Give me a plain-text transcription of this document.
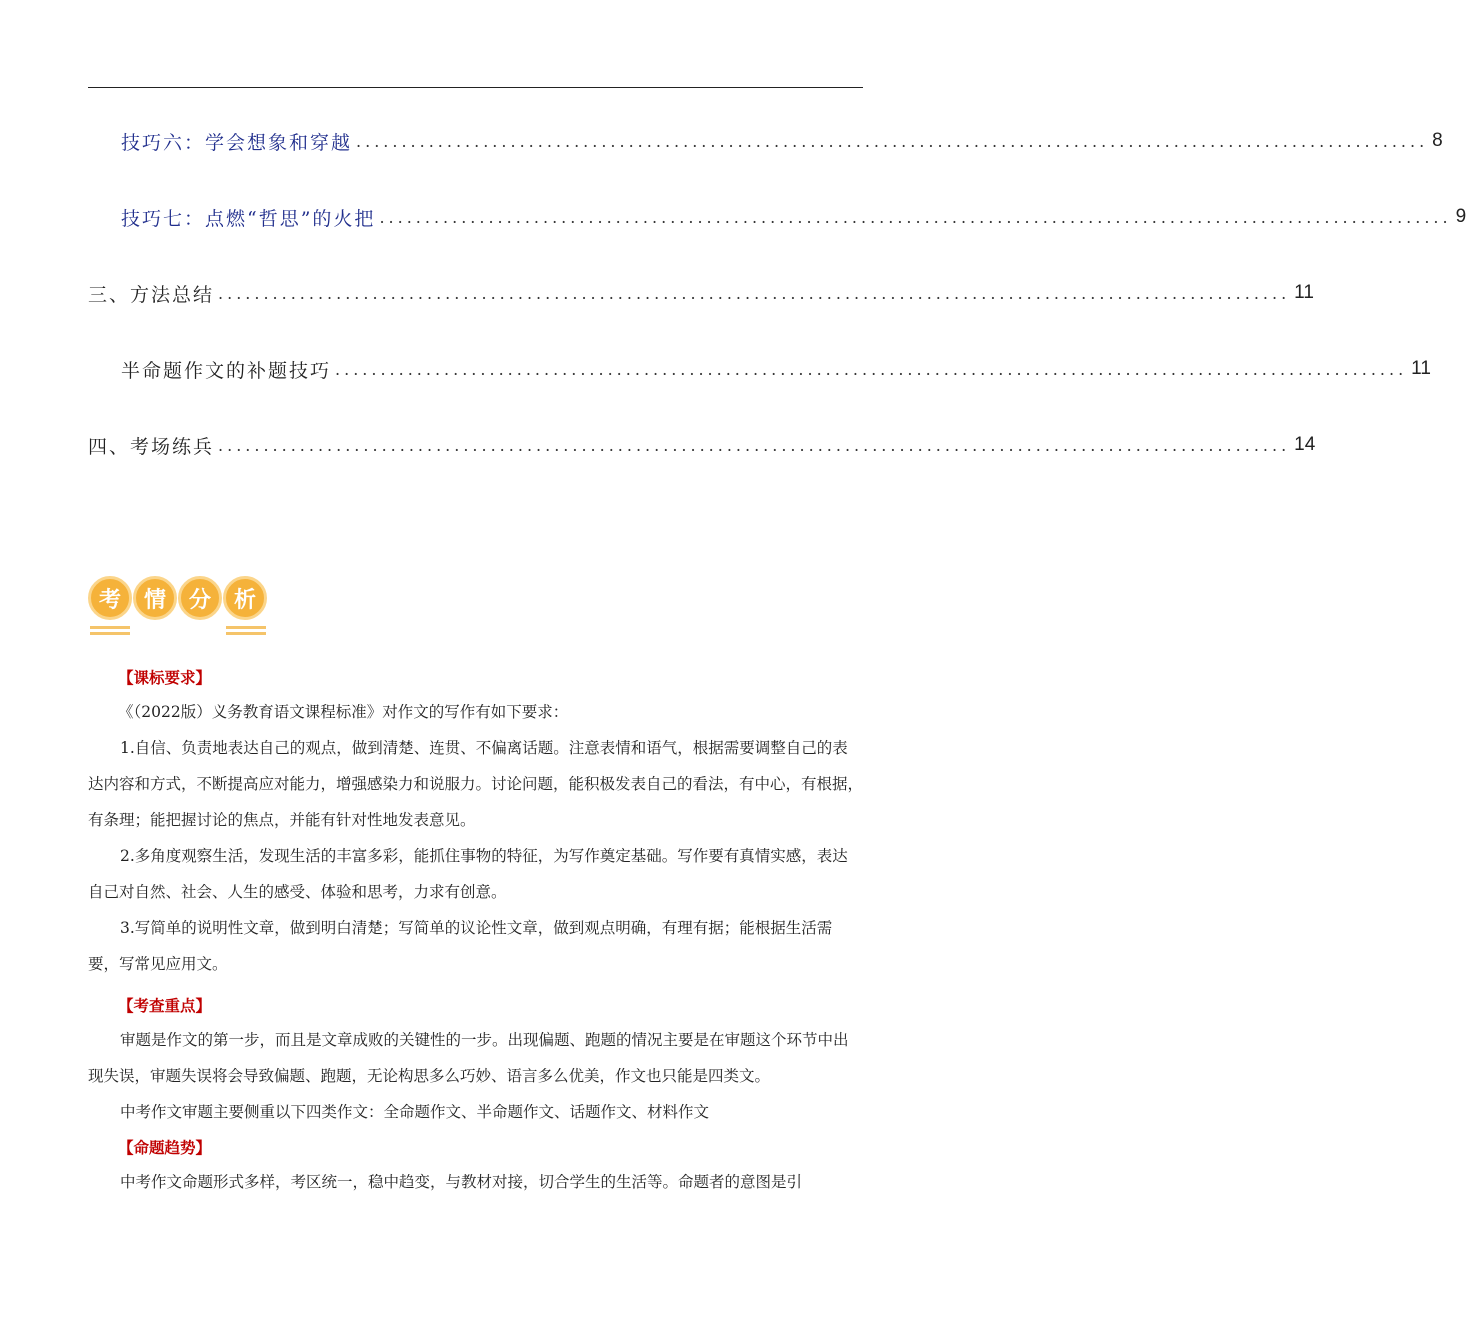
技巧六：学会想象和穿越 ...................................................................................................................... 8
技巧七：点燃“哲思”的火把 ...................................................................................................................... 9
三、方法总结 ...................................................................................................................... 11
半命题作文的补题技巧 ...................................................................................................................... 11
四、考场练兵 ...................................................................................................................... 14
考	情	分	析
【课标要求】
《（2022版）义务教育语文课程标准》对作文的写作有如下要求：
1.自信、负责地表达自己的观点，做到清楚、连贯、不偏离话题。注意表情和语气，根据需要调整自己的表达内容和方式，不断提高应对能力，增强感染力和说服力。讨论问题，能积极发表自己的看法，有中心，有根据，有条理；能把握讨论的焦点，并能有针对性地发表意见。
2.多角度观察生活，发现生活的丰富多彩，能抓住事物的特征，为写作奠定基础。写作要有真情实感，表达自己对自然、社会、人生的感受、体验和思考，力求有创意。
3.写简单的说明性文章，做到明白清楚；写简单的议论性文章，做到观点明确，有理有据；能根据生活需要，写常见应用文。
【考查重点】
审题是作文的第一步，而且是文章成败的关键性的一步。出现偏题、跑题的情况主要是在审题这个环节中出现失误，审题失误将会导致偏题、跑题，无论构思多么巧妙、语言多么优美，作文也只能是四类文。
中考作文审题主要侧重以下四类作文：全命题作文、半命题作文、话题作文、材料作文
【命题趋势】
中考作文命题形式多样，考区统一，稳中趋变，与教材对接，切合学生的生活等。命题者的意图是引
